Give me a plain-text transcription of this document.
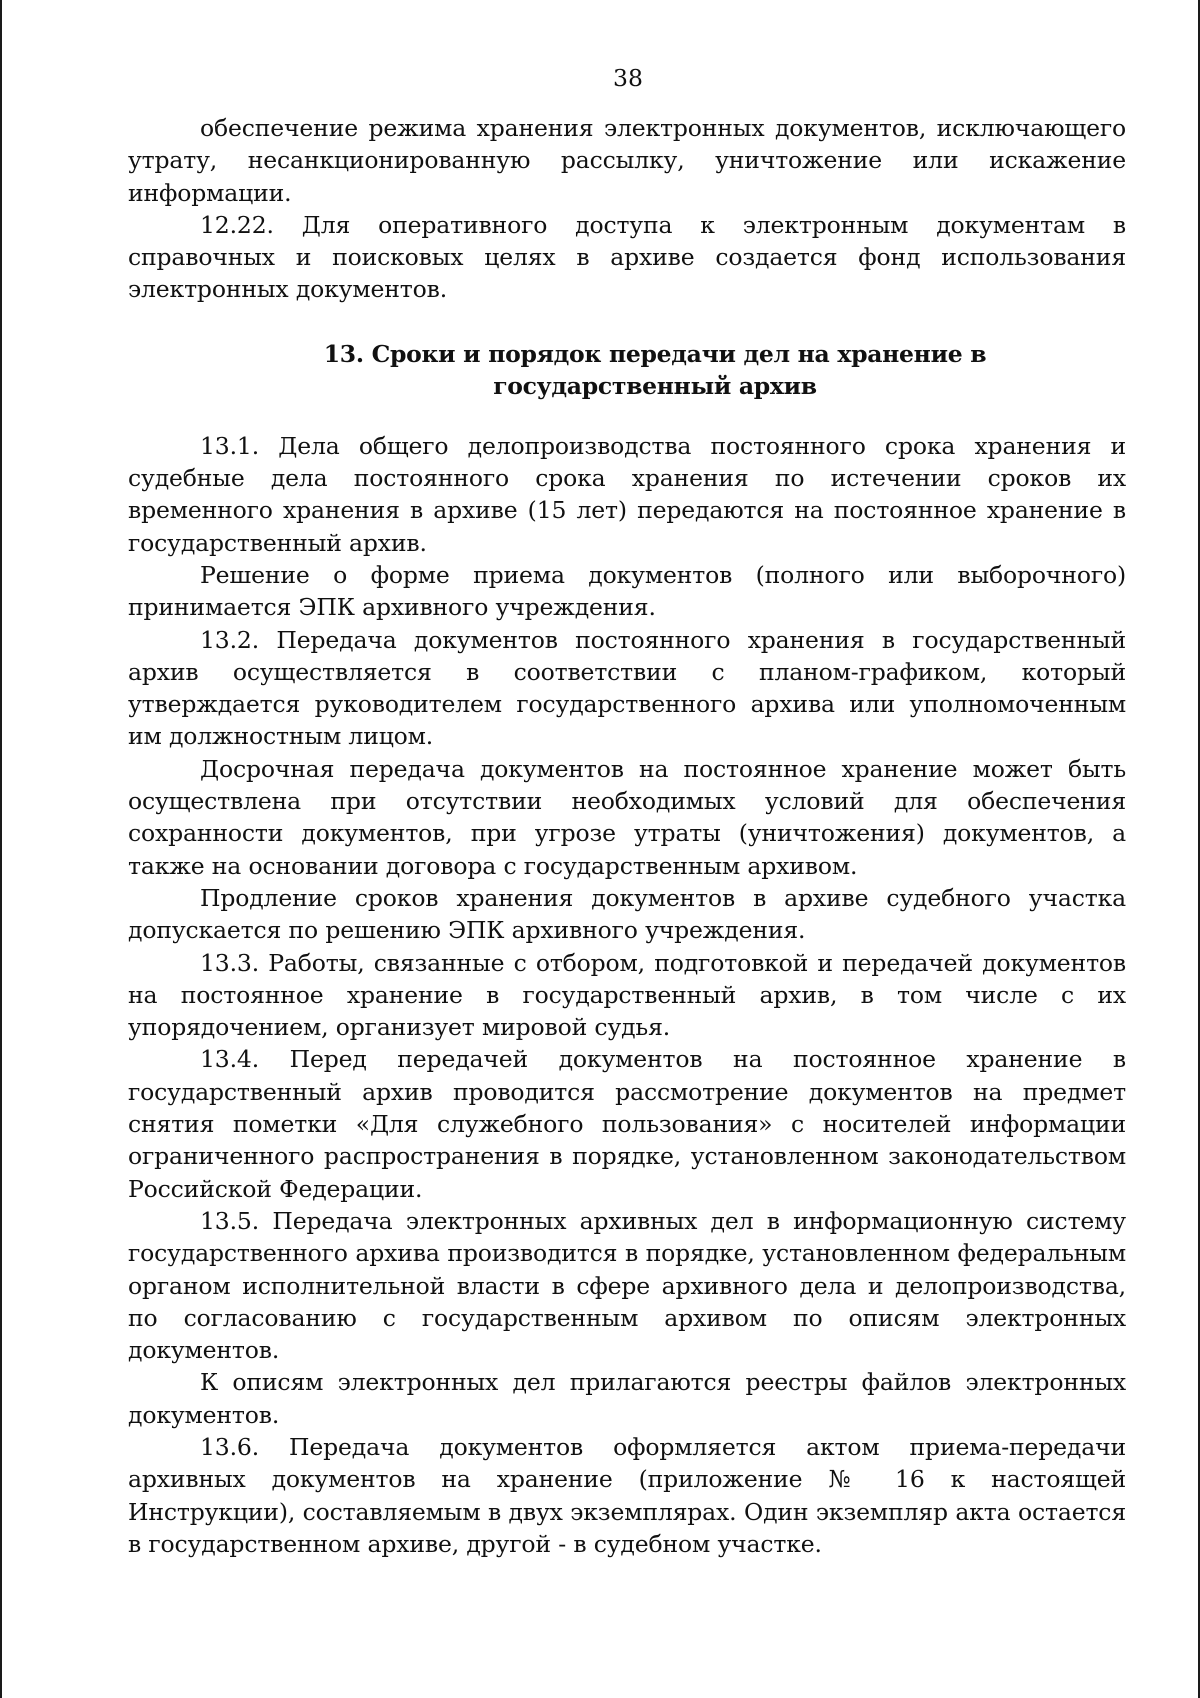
38

обеспечение режима хранения электронных документов, исключающего утрату, несанкционированную рассылку, уничтожение или искажение информации.

12.22. Для оперативного доступа к электронным документам в справочных и поисковых целях в архиве создается фонд использования электронных документов.

13. Сроки и порядок передачи дел на хранение в государственный архив

13.1. Дела общего делопроизводства постоянного срока хранения и судебные дела постоянного срока хранения по истечении сроков их временного хранения в архиве (15 лет) передаются на постоянное хранение в государственный архив.

Решение о форме приема документов (полного или выборочного) принимается ЭПК архивного учреждения.

13.2. Передача документов постоянного хранения в государственный архив осуществляется в соответствии с планом-графиком, который утверждается руководителем государственного архива или уполномоченным им должностным лицом.

Досрочная передача документов на постоянное хранение может быть осуществлена при отсутствии необходимых условий для обеспечения сохранности документов, при угрозе утраты (уничтожения) документов, а также на основании договора с государственным архивом.

Продление сроков хранения документов в архиве судебного участка допускается по решению ЭПК архивного учреждения.

13.3. Работы, связанные с отбором, подготовкой и передачей документов на постоянное хранение в государственный архив, в том числе с их упорядочением, организует мировой судья.

13.4. Перед передачей документов на постоянное хранение в государственный архив проводится рассмотрение документов на предмет снятия пометки «Для служебного пользования» с носителей информации ограниченного распространения в порядке, установленном законодательством Российской Федерации.

13.5. Передача электронных архивных дел в информационную систему государственного архива производится в порядке, установленном федеральным органом исполнительной власти в сфере архивного дела и делопроизводства, по согласованию с государственным архивом по описям электронных документов.

К описям электронных дел прилагаются реестры файлов электронных документов.

13.6. Передача документов оформляется актом приема-передачи архивных документов на хранение (приложение № 16 к настоящей Инструкции), составляемым в двух экземплярах. Один экземпляр акта остается в государственном архиве, другой - в судебном участке.
